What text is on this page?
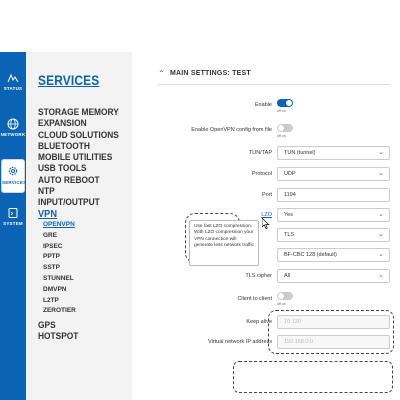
STATUS
NETWORK
SERVICES
SYSTEM
SERVICES
STORAGE MEMORY
EXPANSION
CLOUD SOLUTIONS
BLUETOOTH
MOBILE UTILITIES
USB TOOLS
AUTO REBOOT
NTP
INPUT/OUTPUT
VPN
OPENVPN
GRE
IPSEC
PPTP
SSTP
STUNNEL
DMVPN
L2TP
ZEROTIER
GPS
HOTSPOT
⌃ MAIN SETTINGS: TEST
Enable
off on
Enable OpenVPN config from file
off on
TUN/TAP	TUN (tunnel)	⌄
Protocol	UDP	⌄
Port	1194
LZO	Yes	⌄
TLS	⌄
BF-CBC 128 (default)	⌄
TLS cipher	All	⌄
Client to client
off on
Keep alive	10 120
Virtual network IP address	192.168.0.0
Use fast LZO compression. With LZO compression your VPN connection will generate less network traffic
